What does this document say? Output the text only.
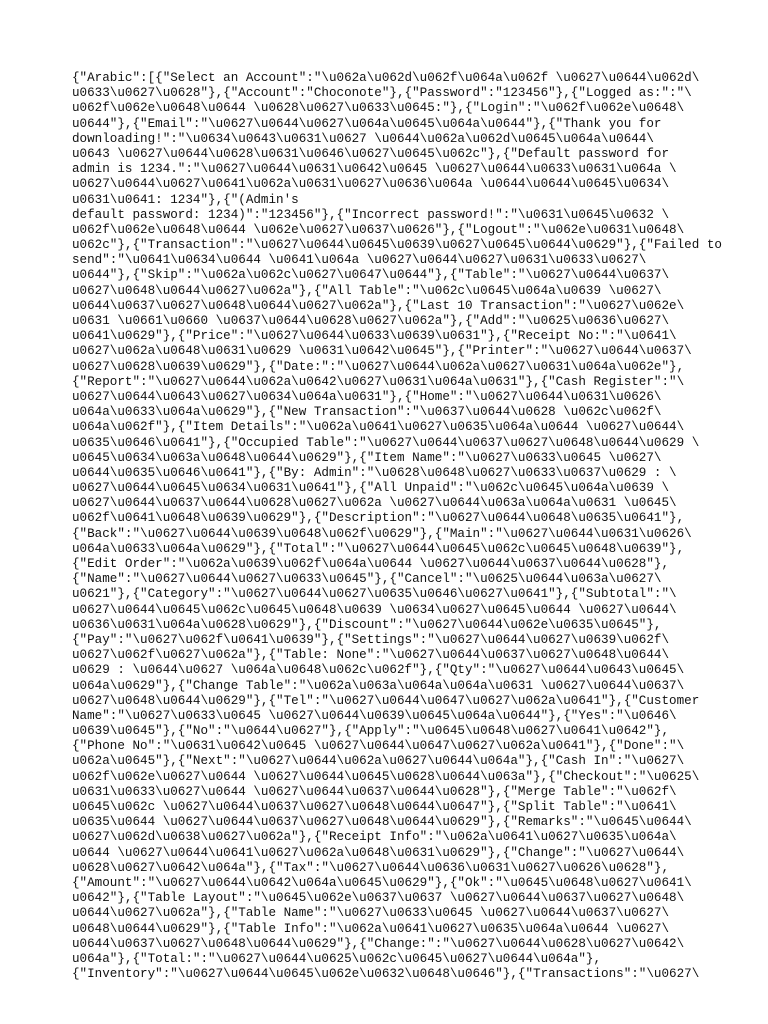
{"Arabic":[{"Select an Account":"\u062a\u062d\u062f\u064a\u062f \u0627\u0644\u062d\
u0633\u0627\u0628"},{"Account":"Choconote"},{"Password":"123456"},{"Logged as:":"\
u062f\u062e\u0648\u0644 \u0628\u0627\u0633\u0645:"},{"Login":"\u062f\u062e\u0648\
u0644"},{"Email":"\u0627\u0644\u0627\u064a\u0645\u064a\u0644"},{"Thank you for
downloading!":"\u0634\u0643\u0631\u0627 \u0644\u062a\u062d\u0645\u064a\u0644\
u0643 \u0627\u0644\u0628\u0631\u0646\u0627\u0645\u062c"},{"Default password for
admin is 1234.":"\u0627\u0644\u0631\u0642\u0645 \u0627\u0644\u0633\u0631\u064a \
u0627\u0644\u0627\u0641\u062a\u0631\u0627\u0636\u064a \u0644\u0644\u0645\u0634\
u0631\u0641: 1234"},{"(Admin's
default password: 1234)":"123456"},{"Incorrect password!":"\u0631\u0645\u0632 \
u062f\u062e\u0648\u0644 \u062e\u0627\u0637\u0626"},{"Logout":"\u062e\u0631\u0648\
u062c"},{"Transaction":"\u0627\u0644\u0645\u0639\u0627\u0645\u0644\u0629"},{"Failed to
send":"\u0641\u0634\u0644 \u0641\u064a \u0627\u0644\u0627\u0631\u0633\u0627\
u0644"},{"Skip":"\u062a\u062c\u0627\u0647\u0644"},{"Table":"\u0627\u0644\u0637\
u0627\u0648\u0644\u0627\u062a"},{"All Table":"\u062c\u0645\u064a\u0639 \u0627\
u0644\u0637\u0627\u0648\u0644\u0627\u062a"},{"Last 10 Transaction":"\u0627\u062e\
u0631 \u0661\u0660 \u0637\u0644\u0628\u0627\u062a"},{"Add":"\u0625\u0636\u0627\
u0641\u0629"},{"Price":"\u0627\u0644\u0633\u0639\u0631"},{"Receipt No:":"\u0641\
u0627\u062a\u0648\u0631\u0629 \u0631\u0642\u0645"},{"Printer":"\u0627\u0644\u0637\
u0627\u0628\u0639\u0629"},{"Date:":"\u0627\u0644\u062a\u0627\u0631\u064a\u062e"},
{"Report":"\u0627\u0644\u062a\u0642\u0627\u0631\u064a\u0631"},{"Cash Register":"\
u0627\u0644\u0643\u0627\u0634\u064a\u0631"},{"Home":"\u0627\u0644\u0631\u0626\
u064a\u0633\u064a\u0629"},{"New Transaction":"\u0637\u0644\u0628 \u062c\u062f\
u064a\u062f"},{"Item Details":"\u062a\u0641\u0627\u0635\u064a\u0644 \u0627\u0644\
u0635\u0646\u0641"},{"Occupied Table":"\u0627\u0644\u0637\u0627\u0648\u0644\u0629 \
u0645\u0634\u063a\u0648\u0644\u0629"},{"Item Name":"\u0627\u0633\u0645 \u0627\
u0644\u0635\u0646\u0641"},{"By: Admin":"\u0628\u0648\u0627\u0633\u0637\u0629 : \
u0627\u0644\u0645\u0634\u0631\u0641"},{"All Unpaid":"\u062c\u0645\u064a\u0639 \
u0627\u0644\u0637\u0644\u0628\u0627\u062a \u0627\u0644\u063a\u064a\u0631 \u0645\
u062f\u0641\u0648\u0639\u0629"},{"Description":"\u0627\u0644\u0648\u0635\u0641"},
{"Back":"\u0627\u0644\u0639\u0648\u062f\u0629"},{"Main":"\u0627\u0644\u0631\u0626\
u064a\u0633\u064a\u0629"},{"Total":"\u0627\u0644\u0645\u062c\u0645\u0648\u0639"},
{"Edit Order":"\u062a\u0639\u062f\u064a\u0644 \u0627\u0644\u0637\u0644\u0628"},
{"Name":"\u0627\u0644\u0627\u0633\u0645"},{"Cancel":"\u0625\u0644\u063a\u0627\
u0621"},{"Category":"\u0627\u0644\u0627\u0635\u0646\u0627\u0641"},{"Subtotal":"\
u0627\u0644\u0645\u062c\u0645\u0648\u0639 \u0634\u0627\u0645\u0644 \u0627\u0644\
u0636\u0631\u064a\u0628\u0629"},{"Discount":"\u0627\u0644\u062e\u0635\u0645"},
{"Pay":"\u0627\u062f\u0641\u0639"},{"Settings":"\u0627\u0644\u0627\u0639\u062f\
u0627\u062f\u0627\u062a"},{"Table: None":"\u0627\u0644\u0637\u0627\u0648\u0644\
u0629 : \u0644\u0627 \u064a\u0648\u062c\u062f"},{"Qty":"\u0627\u0644\u0643\u0645\
u064a\u0629"},{"Change Table":"\u062a\u063a\u064a\u064a\u0631 \u0627\u0644\u0637\
u0627\u0648\u0644\u0629"},{"Tel":"\u0627\u0644\u0647\u0627\u062a\u0641"},{"Customer
Name":"\u0627\u0633\u0645 \u0627\u0644\u0639\u0645\u064a\u0644"},{"Yes":"\u0646\
u0639\u0645"},{"No":"\u0644\u0627"},{"Apply":"\u0645\u0648\u0627\u0641\u0642"},
{"Phone No":"\u0631\u0642\u0645 \u0627\u0644\u0647\u0627\u062a\u0641"},{"Done":"\
u062a\u0645"},{"Next":"\u0627\u0644\u062a\u0627\u0644\u064a"},{"Cash In":"\u0627\
u062f\u062e\u0627\u0644 \u0627\u0644\u0645\u0628\u0644\u063a"},{"Checkout":"\u0625\
u0631\u0633\u0627\u0644 \u0627\u0644\u0637\u0644\u0628"},{"Merge Table":"\u062f\
u0645\u062c \u0627\u0644\u0637\u0627\u0648\u0644\u0647"},{"Split Table":"\u0641\
u0635\u0644 \u0627\u0644\u0637\u0627\u0648\u0644\u0629"},{"Remarks":"\u0645\u0644\
u0627\u062d\u0638\u0627\u062a"},{"Receipt Info":"\u062a\u0641\u0627\u0635\u064a\
u0644 \u0627\u0644\u0641\u0627\u062a\u0648\u0631\u0629"},{"Change":"\u0627\u0644\
u0628\u0627\u0642\u064a"},{"Tax":"\u0627\u0644\u0636\u0631\u0627\u0626\u0628"},
{"Amount":"\u0627\u0644\u0642\u064a\u0645\u0629"},{"Ok":"\u0645\u0648\u0627\u0641\
u0642"},{"Table Layout":"\u0645\u062e\u0637\u0637 \u0627\u0644\u0637\u0627\u0648\
u0644\u0627\u062a"},{"Table Name":"\u0627\u0633\u0645 \u0627\u0644\u0637\u0627\
u0648\u0644\u0629"},{"Table Info":"\u062a\u0641\u0627\u0635\u064a\u0644 \u0627\
u0644\u0637\u0627\u0648\u0644\u0629"},{"Change:":"\u0627\u0644\u0628\u0627\u0642\
u064a"},{"Total:":"\u0627\u0644\u0625\u062c\u0645\u0627\u0644\u064a"},
{"Inventory":"\u0627\u0644\u0645\u062e\u0632\u0648\u0646"},{"Transactions":"\u0627\
